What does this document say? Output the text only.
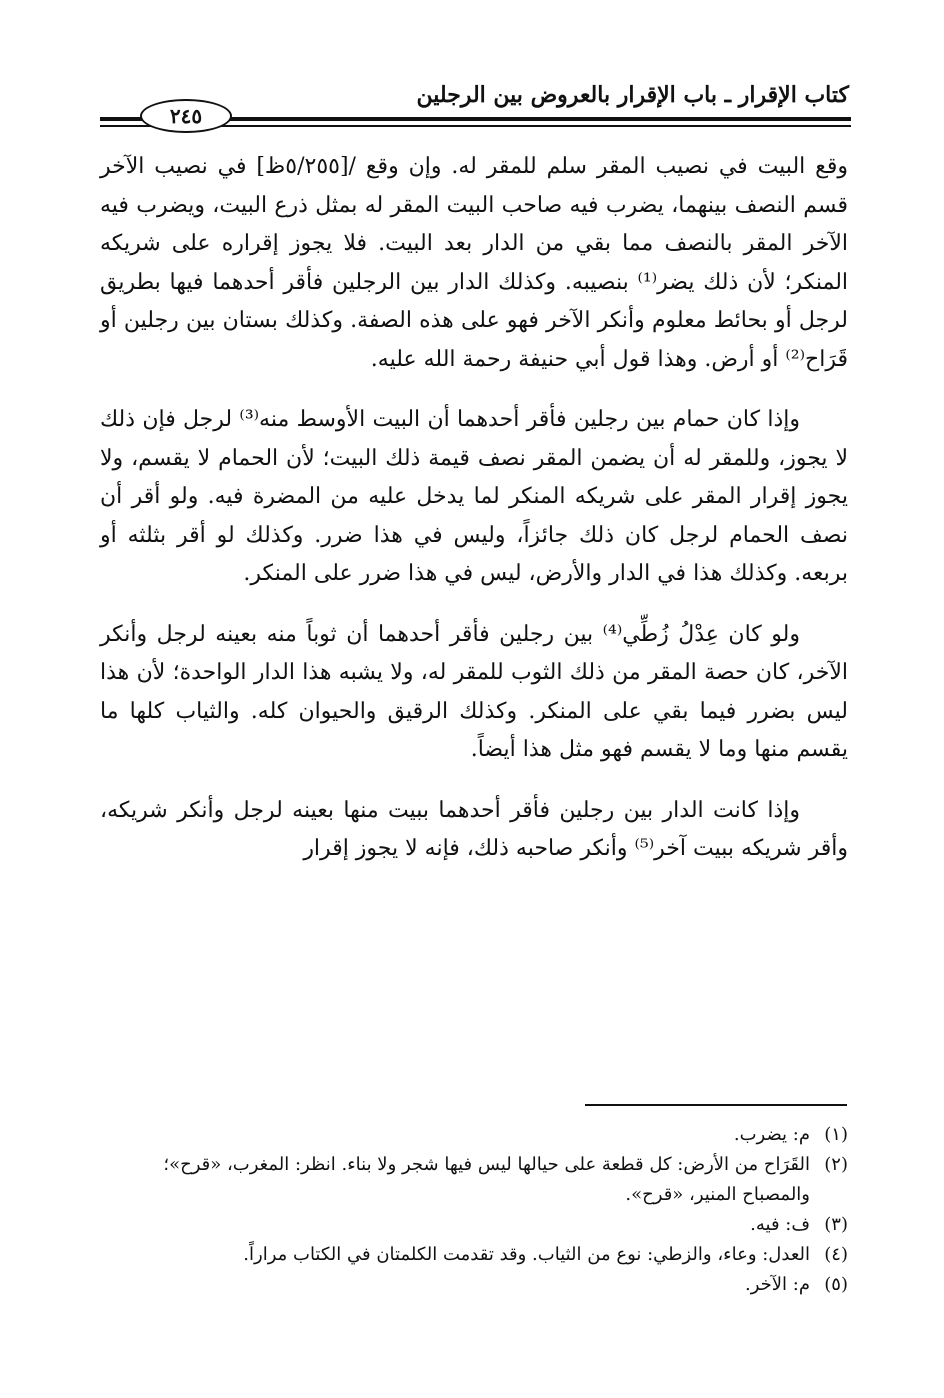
كتاب الإقرار ـ باب الإقرار بالعروض بين الرجلين
٢٤٥

وقع البيت في نصيب المقر سلم للمقر له. وإن وقع /[٥/٢٥٥ظ] في نصيب الآخر قسم النصف بينهما، يضرب فيه صاحب البيت المقر له بمثل ذرع البيت، ويضرب فيه الآخر المقر بالنصف مما بقي من الدار بعد البيت. فلا يجوز إقراره على شريكه المنكر؛ لأن ذلك يضر⁽¹⁾ بنصيبه. وكذلك الدار بين الرجلين فأقر أحدهما فيها بطريق لرجل أو بحائط معلوم وأنكر الآخر فهو على هذه الصفة. وكذلك بستان بين رجلين أو قَرَاح⁽²⁾ أو أرض. وهذا قول أبي حنيفة رحمة الله عليه.

وإذا كان حمام بين رجلين فأقر أحدهما أن البيت الأوسط منه⁽³⁾ لرجل فإن ذلك لا يجوز، وللمقر له أن يضمن المقر نصف قيمة ذلك البيت؛ لأن الحمام لا يقسم، ولا يجوز إقرار المقر على شريكه المنكر لما يدخل عليه من المضرة فيه. ولو أقر أن نصف الحمام لرجل كان ذلك جائزاً، وليس في هذا ضرر. وكذلك لو أقر بثلثه أو بربعه. وكذلك هذا في الدار والأرض، ليس في هذا ضرر على المنكر.

ولو كان عِدْلُ زُطِّي⁽⁴⁾ بين رجلين فأقر أحدهما أن ثوباً منه بعينه لرجل وأنكر الآخر، كان حصة المقر من ذلك الثوب للمقر له، ولا يشبه هذا الدار الواحدة؛ لأن هذا ليس بضرر فيما بقي على المنكر. وكذلك الرقيق والحيوان كله. والثياب كلها ما يقسم منها وما لا يقسم فهو مثل هذا أيضاً.

وإذا كانت الدار بين رجلين فأقر أحدهما ببيت منها بعينه لرجل وأنكر شريكه، وأقر شريكه ببيت آخر⁽⁵⁾ وأنكر صاحبه ذلك، فإنه لا يجوز إقرار

(١)
م: يضرب.
(٢)
القَرَاح من الأرض: كل قطعة على حيالها ليس فيها شجر ولا بناء. انظر: المغرب، «قرح»؛ والمصباح المنير، «قرح».
(٣)
ف: فيه.
(٤)
العدل: وعاء، والزطي: نوع من الثياب. وقد تقدمت الكلمتان في الكتاب مراراً.
(٥)
م: الآخر.
